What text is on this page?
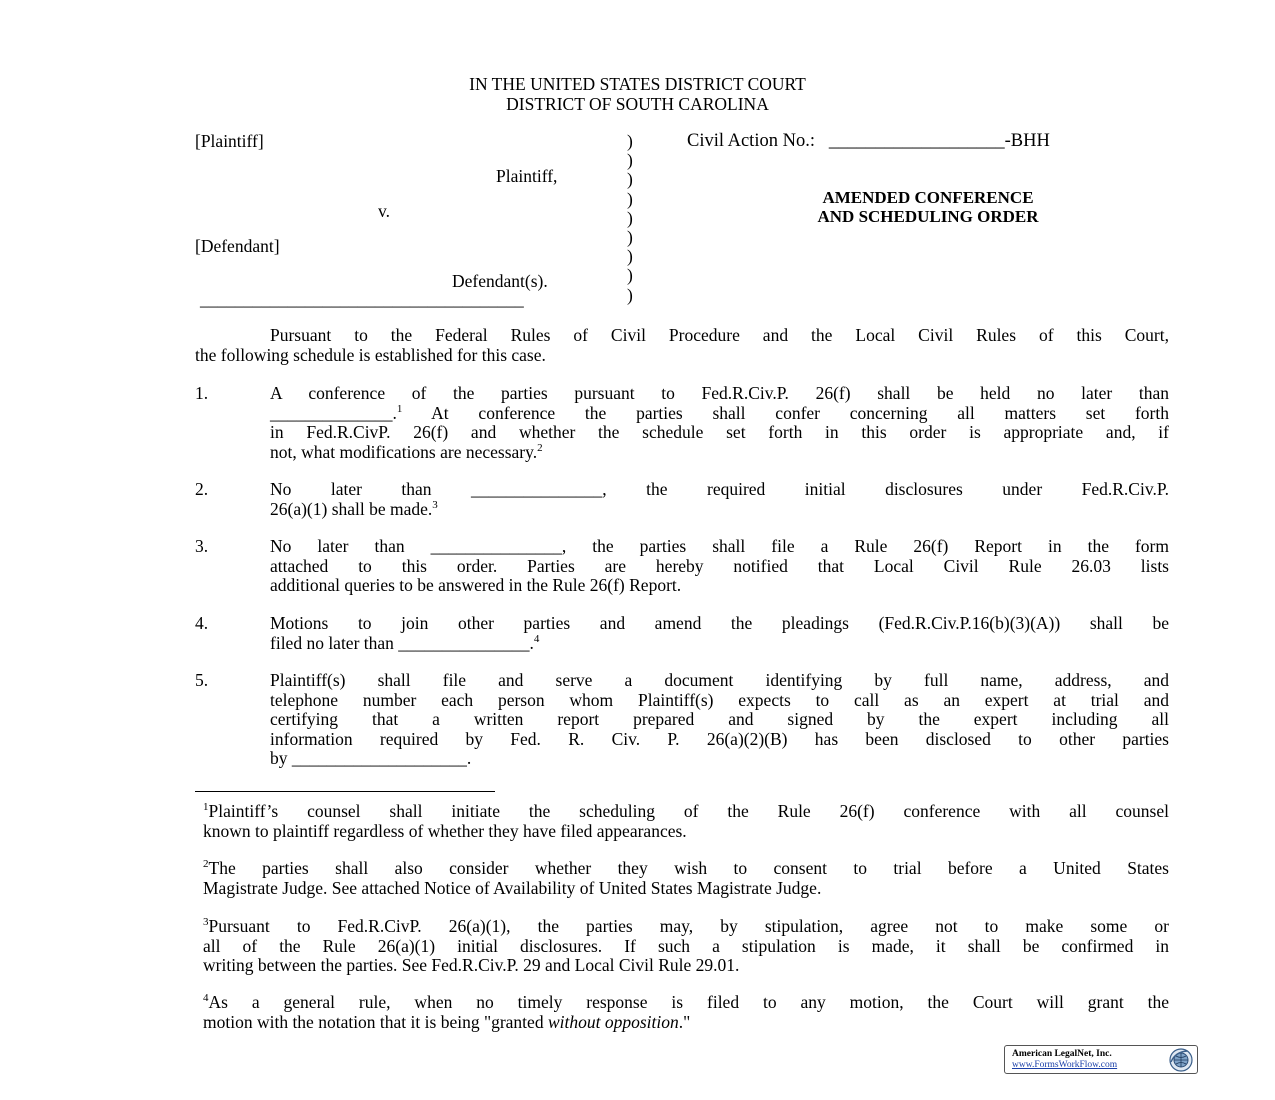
IN THE UNITED STATES DISTRICT COURT
DISTRICT OF SOUTH CAROLINA
[Plaintiff]
Plaintiff,
v.
[Defendant]
Defendant(s).
_____________________________________
)
)
)
)
)
)
)
)
)
Civil Action No.: ___________________-BHH
AMENDED CONFERENCE
AND SCHEDULING ORDER
Pursuant to the Federal Rules of Civil Procedure and the Local Civil Rules of this Court,
the following schedule is established for this case.
1.	A conference of the parties pursuant to Fed.R.Civ.P. 26(f) shall be held no later than
______________.$^1$ At conference the parties shall confer concerning all matters set forth
in Fed.R.CivP. 26(f) and whether the schedule set forth in this order is appropriate and, if
not, what modifications are necessary.$^2$
2.	No later than _______________, the required initial disclosures under Fed.R.Civ.P.
26(a)(1) shall be made.$^3$
3.	No later than _______________, the parties shall file a Rule 26(f) Report in the form
attached to this order. Parties are hereby notified that Local Civil Rule 26.03 lists
additional queries to be answered in the Rule 26(f) Report.
4.	Motions to join other parties and amend the pleadings (Fed.R.Civ.P.16(b)(3)(A)) shall be
filed no later than _______________.$^4$
5.	Plaintiff(s) shall file and serve a document identifying by full name, address, and
telephone number each person whom Plaintiff(s) expects to call as an expert at trial and
certifying that a written report prepared and signed by the expert including all
information required by Fed. R. Civ. P. 26(a)(2)(B) has been disclosed to other parties
by ____________________.
$^1$Plaintiff’s counsel shall initiate the scheduling of the Rule 26(f) conference with all counsel
known to plaintiff regardless of whether they have filed appearances.
$^2$The parties shall also consider whether they wish to consent to trial before a United States
Magistrate Judge. See attached Notice of Availability of United States Magistrate Judge.
$^3$Pursuant to Fed.R.CivP. 26(a)(1), the parties may, by stipulation, agree not to make some or
all of the Rule 26(a)(1) initial disclosures. If such a stipulation is made, it shall be confirmed in
writing between the parties. See Fed.R.Civ.P. 29 and Local Civil Rule 29.01.
$^4$As a general rule, when no timely response is filed to any motion, the Court will grant the
motion with the notation that it is being "granted without opposition."
American LegalNet, Inc.
www.FormsWorkFlow.com
